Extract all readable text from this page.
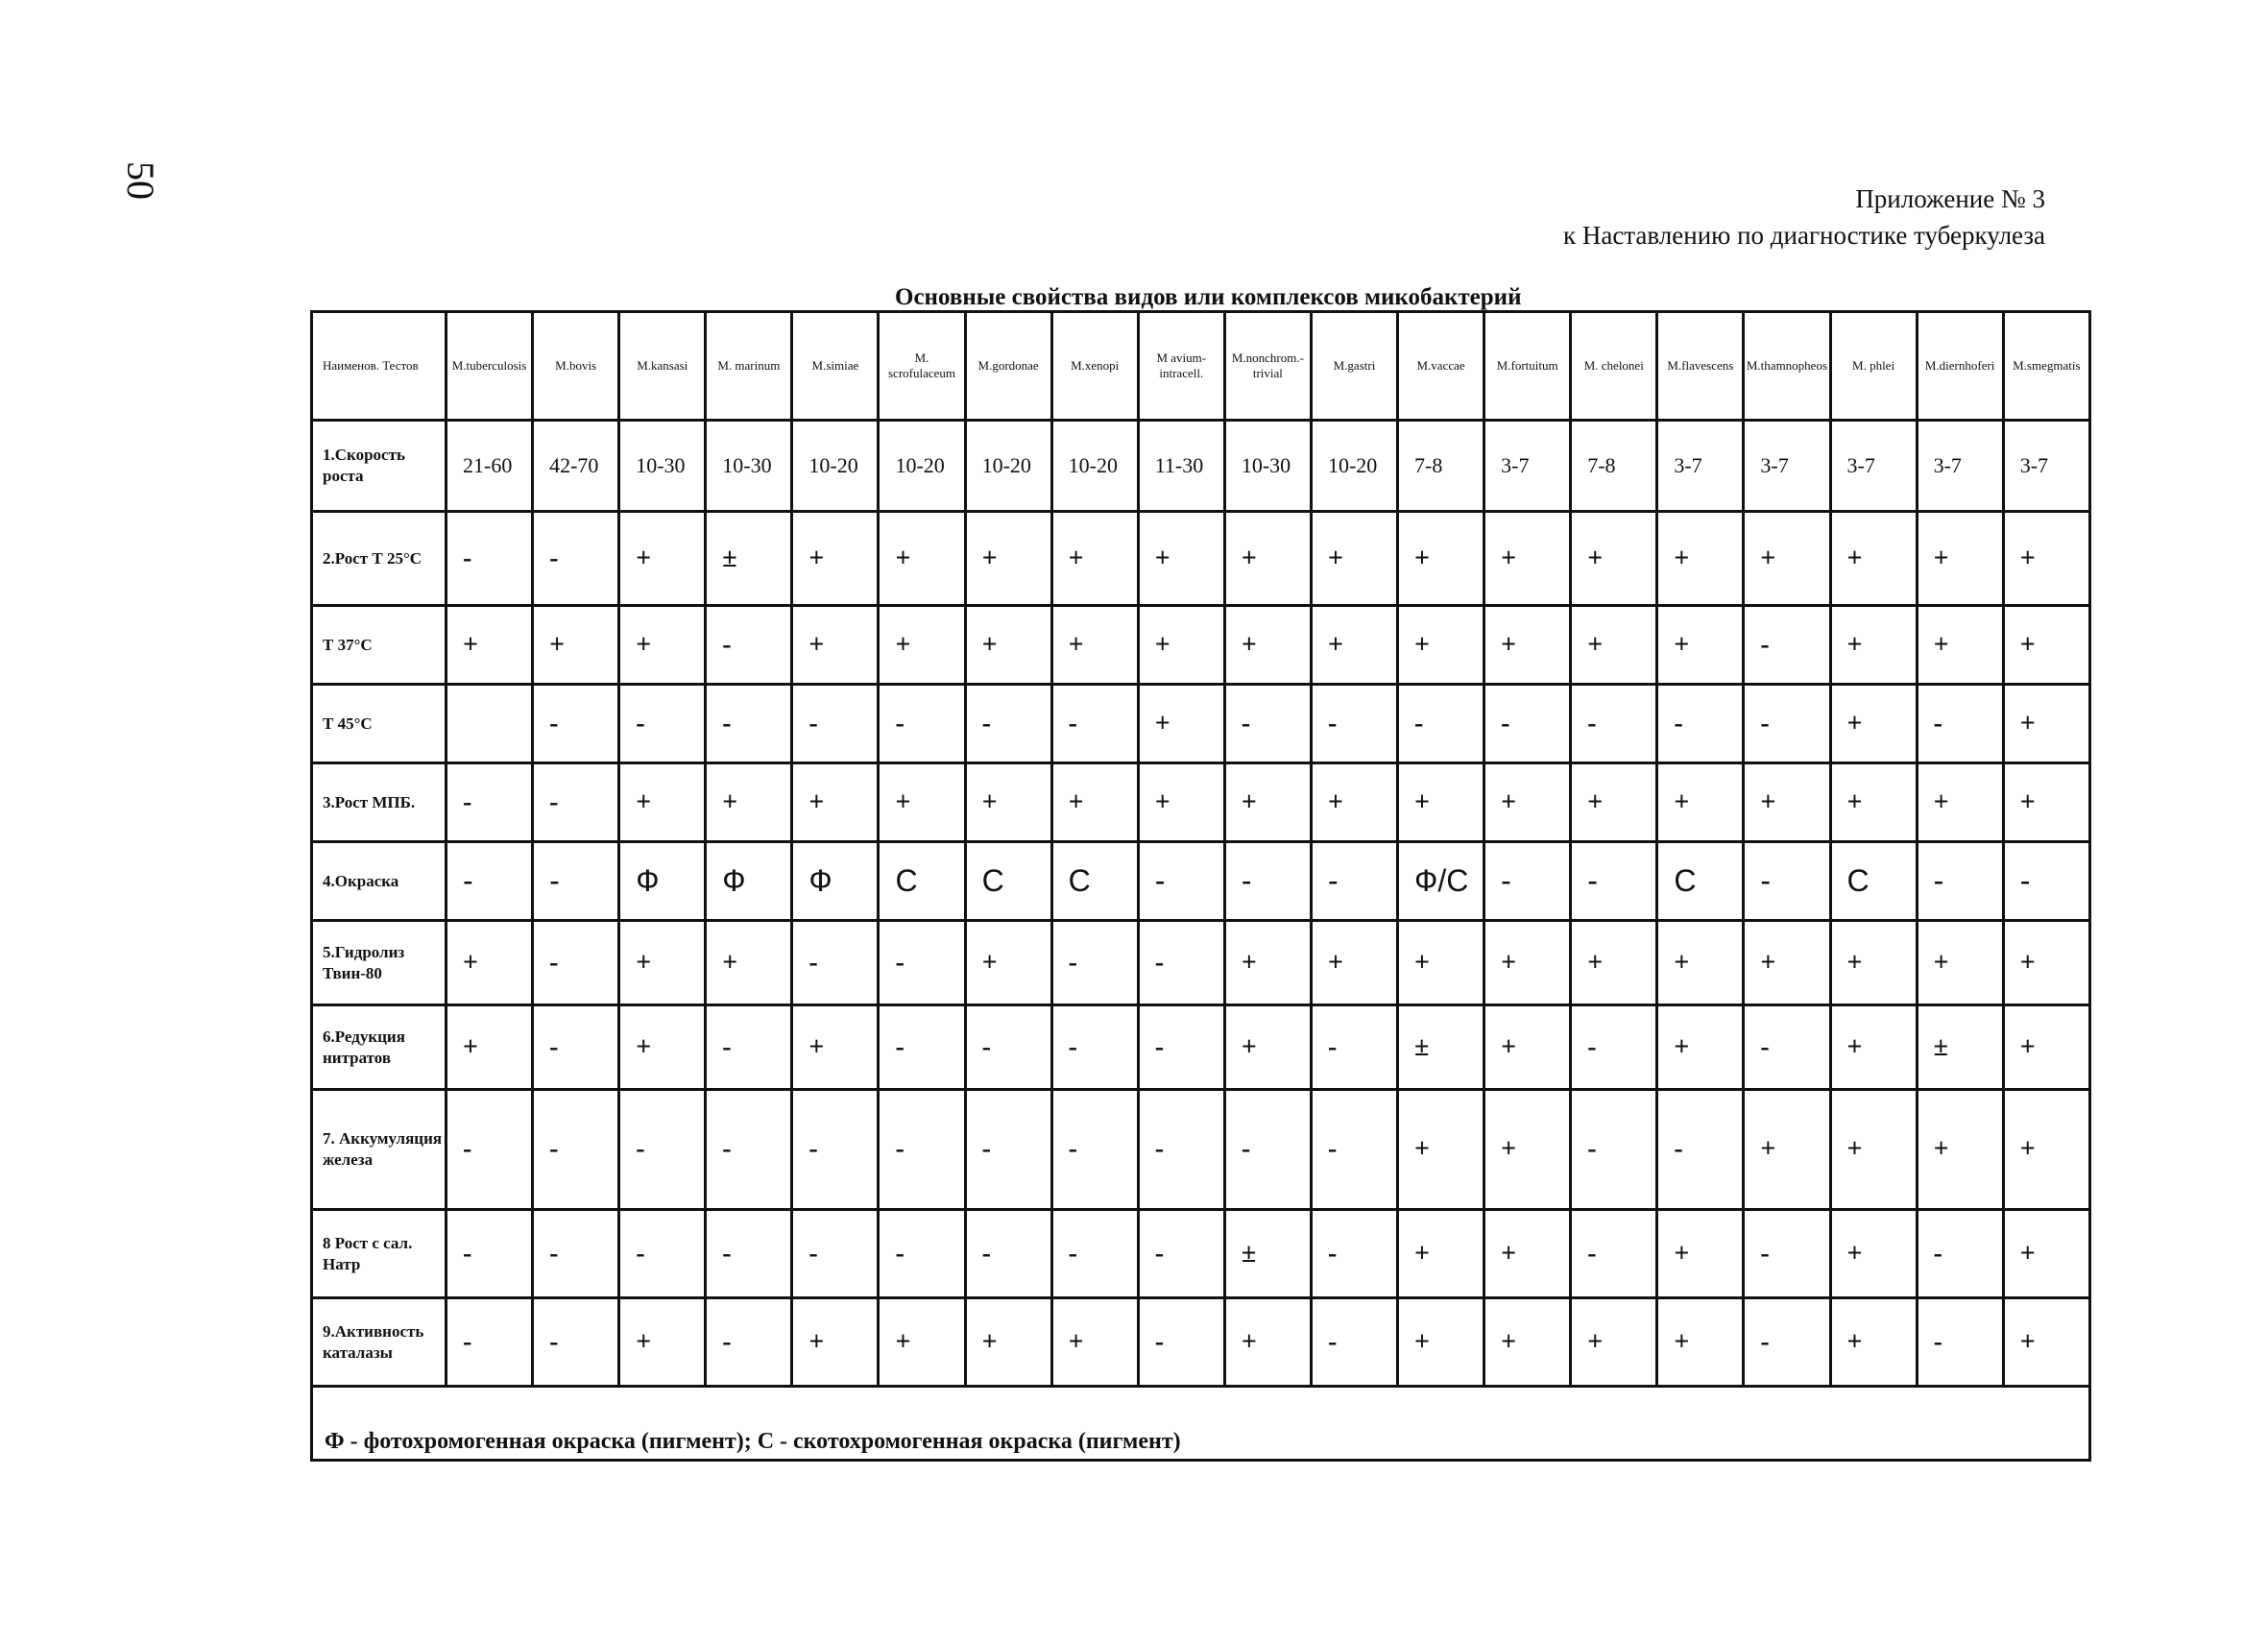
50	Приложение № 3
к Наставлению по диагностике туберкулеза
Основные свойства видов или комплексов микобактерий
Наименов. Тестов	M.tuberculosis	M.bovis	M.kansasi	M. marinum	M.simiae	M. scrofulaceum	M.gordonae	M.xenopi	M avium-intracell.	M.nonchrom.-trivial	M.gastri	M.vaccae	M.fortuitum	M. chelonei	M.flavescens	M.thamnopheos	M. phlei	M.diernhoferi	M.smegmatis
1.Скорость роста	21-60	42-70	10-30	10-30	10-20	10-20	10-20	10-20	11-30	10-30	10-20	7-8	3-7	7-8	3-7	3-7	3-7	3-7	3-7
2.Рост Т 25°С	-	-	+	±	+	+	+	+	+	+	+	+	+	+	+	+	+	+	+
Т 37°С	+	+	+	-	+	+	+	+	+	+	+	+	+	+	+	-	+	+	+
Т 45°С		-	-	-	-	-	-	-	+	-	-	-	-	-	-	-	+	-	+
3.Рост МПБ.	-	-	+	+	+	+	+	+	+	+	+	+	+	+	+	+	+	+	+
4.Окраска	-	-	Ф	Ф	Ф	С	С	С	-	-	-	Ф/С	-	-	С	-	С	-	-
5.Гидролиз Твин-80	+	-	+	+	-	-	+	-	-	+	+	+	+	+	+	+	+	+	+
6.Редукция нитратов	+	-	+	-	+	-	-	-	-	+	-	±	+	-	+	-	+	±	+
7. Аккумуляция железа	-	-	-	-	-	-	-	-	-	-	-	+	+	-	-	+	+	+	+
8 Рост с сал. Натр	-	-	-	-	-	-	-	-	-	±	-	+	+	-	+	-	+	-	+
9.Активность каталазы	-	-	+	-	+	+	+	+	-	+	-	+	+	+	+	-	+	-	+
Ф - фотохромогенная окраска (пигмент); С - скотохромогенная окраска (пигмент)																			
